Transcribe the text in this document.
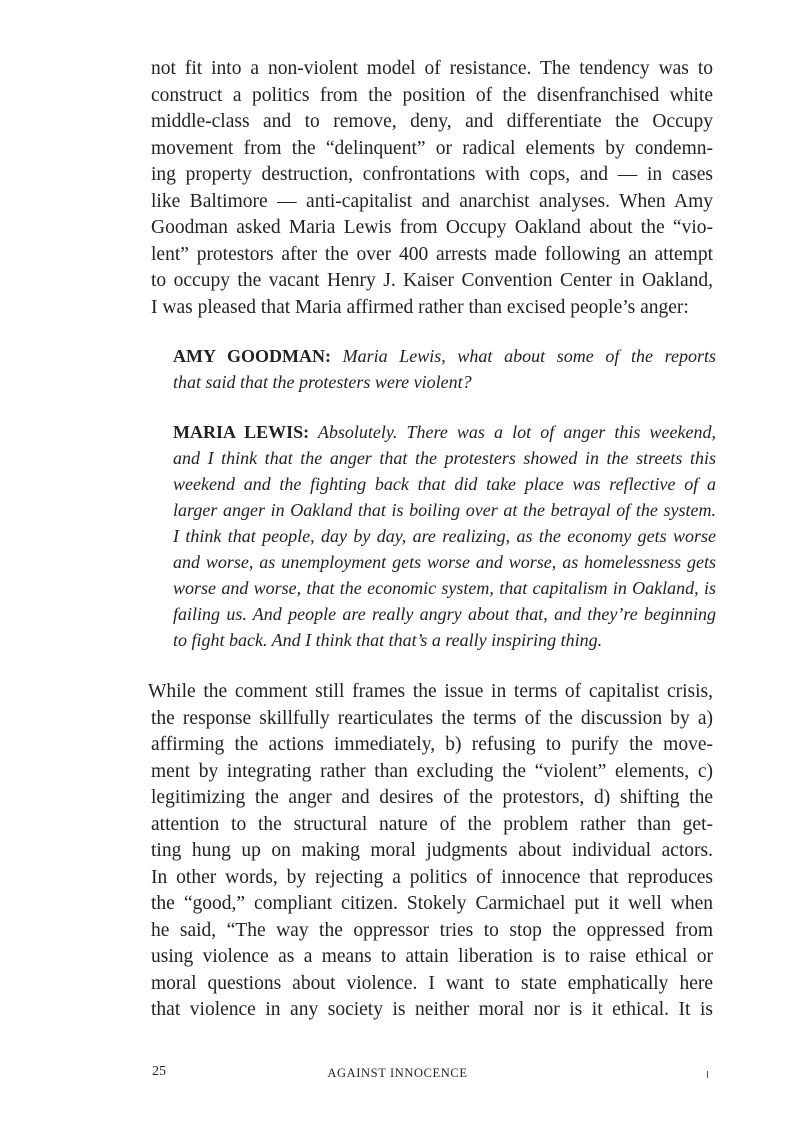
not fit into a non-violent model of resistance. The tendency was to
construct a politics from the position of the disenfranchised white
middle-class and to remove, deny, and differentiate the Occupy
movement from the “delinquent” or radical elements by condemn-
ing property destruction, confrontations with cops, and — in cases
like Baltimore — anti-capitalist and anarchist analyses. When Amy
Goodman asked Maria Lewis from Occupy Oakland about the “vio-
lent” protestors after the over 400 arrests made following an attempt
to occupy the vacant Henry J. Kaiser Convention Center in Oakland,
I was pleased that Maria affirmed rather than excised people’s anger:
AMY GOODMAN: Maria Lewis, what about some of the reports
that said that the protesters were violent?
MARIA LEWIS: Absolutely. There was a lot of anger this weekend,
and I think that the anger that the protesters showed in the streets this
weekend and the fighting back that did take place was reflective of a
larger anger in Oakland that is boiling over at the betrayal of the system.
I think that people, day by day, are realizing, as the economy gets worse
and worse, as unemployment gets worse and worse, as homelessness gets
worse and worse, that the economic system, that capitalism in Oakland, is
failing us. And people are really angry about that, and they’re beginning
to fight back. And I think that that’s a really inspiring thing.
While the comment still frames the issue in terms of capitalist crisis,
the response skillfully rearticulates the terms of the discussion by a)
affirming the actions immediately, b) refusing to purify the move-
ment by integrating rather than excluding the “violent” elements, c)
legitimizing the anger and desires of the protestors, d) shifting the
attention to the structural nature of the problem rather than get-
ting hung up on making moral judgments about individual actors.
In other words, by rejecting a politics of innocence that reproduces
the “good,” compliant citizen. Stokely Carmichael put it well when
he said, “The way the oppressor tries to stop the oppressed from
using violence as a means to attain liberation is to raise ethical or
moral questions about violence. I want to state emphatically here
that violence in any society is neither moral nor is it ethical. It is
25	AGAINST INNOCENCE
